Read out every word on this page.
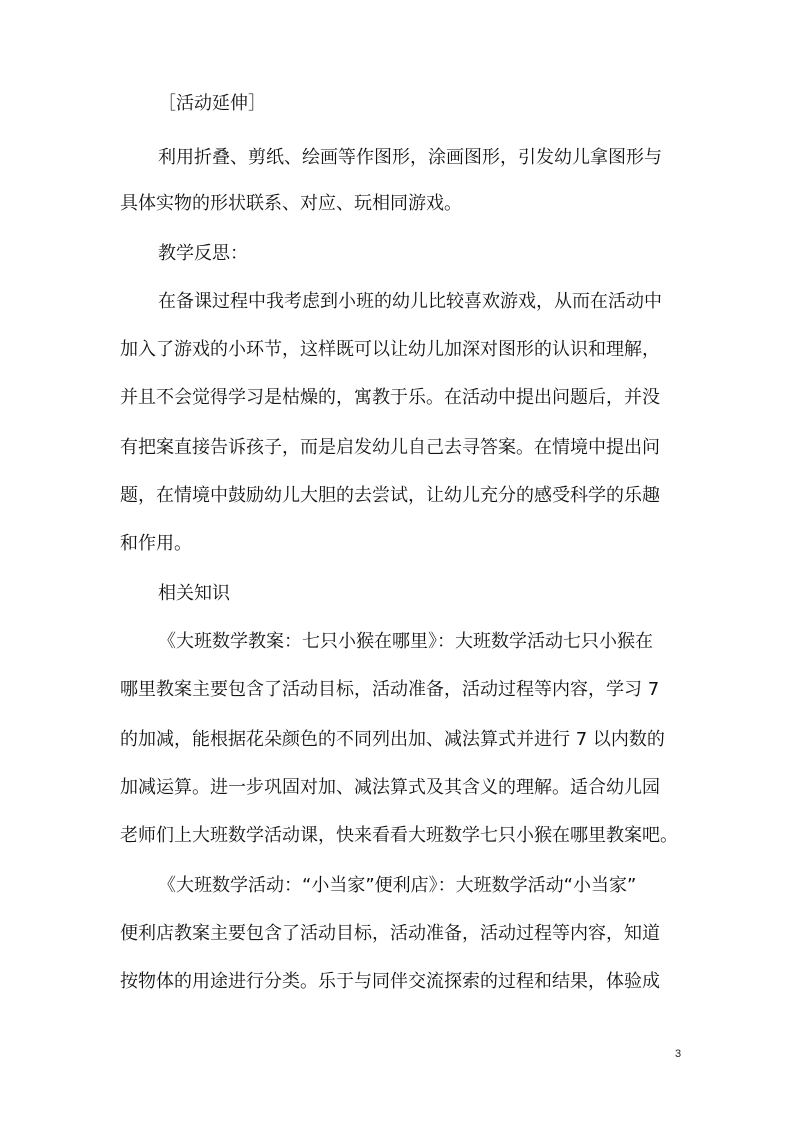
［活动延伸］
利用折叠、剪纸、绘画等作图形，涂画图形，引发幼儿拿图形与
具体实物的形状联系、对应、玩相同游戏。
教学反思：
在备课过程中我考虑到小班的幼儿比较喜欢游戏，从而在活动中
加入了游戏的小环节，这样既可以让幼儿加深对图形的认识和理解，
并且不会觉得学习是枯燥的，寓教于乐。在活动中提出问题后，并没
有把案直接告诉孩子，而是启发幼儿自己去寻答案。在情境中提出问
题，在情境中鼓励幼儿大胆的去尝试，让幼儿充分的感受科学的乐趣
和作用。
相关知识
《大班数学教案：七只小猴在哪里》：大班数学活动七只小猴在
哪里教案主要包含了活动目标，活动准备，活动过程等内容，学习 7
的加减，能根据花朵颜色的不同列出加、减法算式并进行 7 以内数的
加减运算。进一步巩固对加、减法算式及其含义的理解。适合幼儿园
老师们上大班数学活动课，快来看看大班数学七只小猴在哪里教案吧。
《大班数学活动：“小当家”便利店》：大班数学活动“小当家”
便利店教案主要包含了活动目标，活动准备，活动过程等内容，知道
按物体的用途进行分类。乐于与同伴交流探索的过程和结果，体验成
3
